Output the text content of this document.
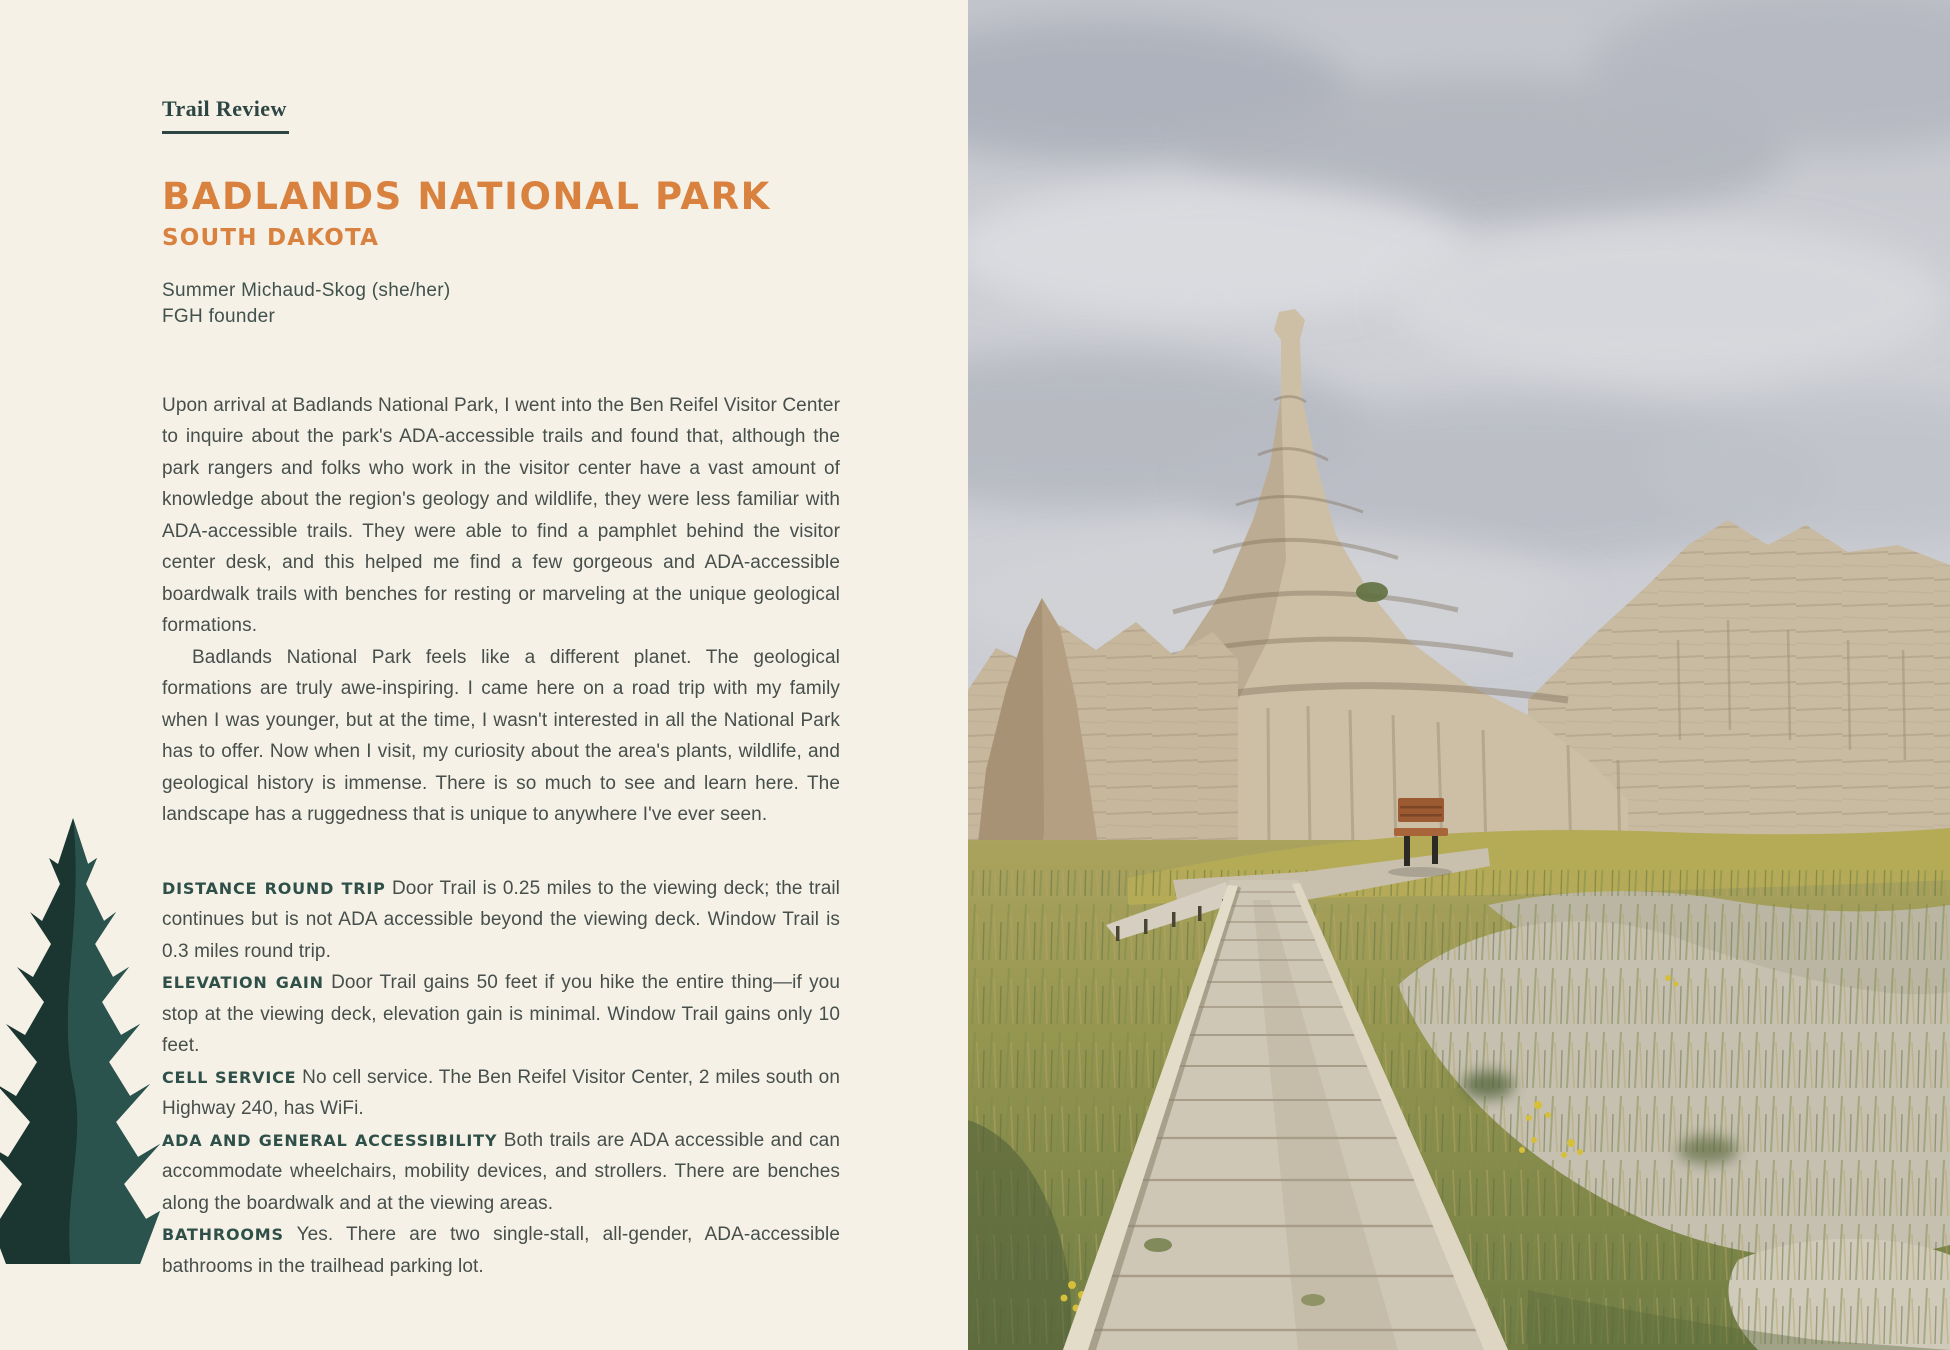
Trail Review
BADLANDS NATIONAL PARK
SOUTH DAKOTA
Summer Michaud-Skog (she/her)
FGH founder

Upon arrival at Badlands National Park, I went into the Ben Reifel Visitor Center to inquire about the park's ADA-accessible trails and found that, although the park rangers and folks who work in the visitor center have a vast amount of knowledge about the region's geology and wildlife, they were less familiar with ADA-accessible trails. They were able to find a pamphlet behind the visitor center desk, and this helped me find a few gorgeous and ADA-accessible boardwalk trails with benches for resting or marveling at the unique geological formations.

Badlands National Park feels like a different planet. The geological formations are truly awe-inspiring. I came here on a road trip with my family when I was younger, but at the time, I wasn't interested in all the National Park has to offer. Now when I visit, my curiosity about the area's plants, wildlife, and geological history is immense. There is so much to see and learn here. The landscape has a ruggedness that is unique to anywhere I've ever seen.

DISTANCE ROUND TRIP Door Trail is 0.25 miles to the viewing deck; the trail continues but is not ADA accessible beyond the viewing deck. Window Trail is 0.3 miles round trip.

ELEVATION GAIN Door Trail gains 50 feet if you hike the entire thing—if you stop at the viewing deck, elevation gain is minimal. Window Trail gains only 10 feet.

CELL SERVICE No cell service. The Ben Reifel Visitor Center, 2 miles south on Highway 240, has WiFi.

ADA AND GENERAL ACCESSIBILITY Both trails are ADA accessible and can accommodate wheelchairs, mobility devices, and strollers. There are benches along the boardwalk and at the viewing areas.

BATHROOMS Yes. There are two single-stall, all-gender, ADA-accessible bathrooms in the trailhead parking lot.
